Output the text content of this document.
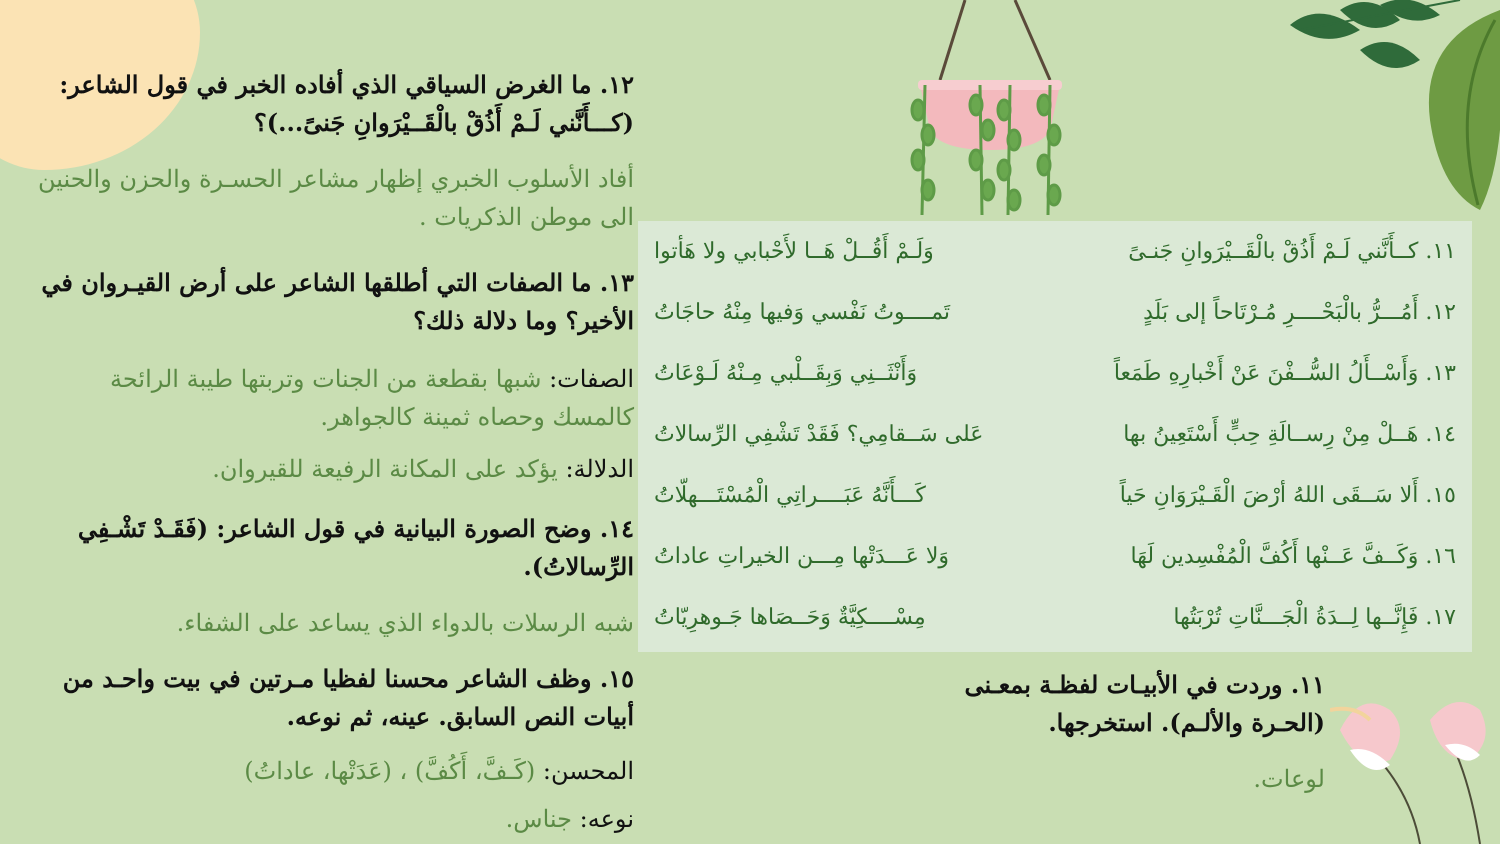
١٢. ما الغرض السياقي الذي أفاده الخبر في قول الشاعر: (كـــأَنَّني لَـمْ أَذُقْ بالْقَــيْرَوانِ جَنىً...)؟

أفاد الأسلوب الخبري إظهار مشاعر الحسـرة والحزن والحنين الى موطن الذكريات .

١٣. ما الصفات التي أطلقها الشاعر على أرض القيـروان في الأخير؟ وما دلالة ذلك؟

الصفات: شبها بقطعة من الجنات وتربتها طيبة الرائحة كالمسك وحصاه ثمينة كالجواهر.

الدلالة: يؤكد على المكانة الرفيعة للقيروان.

١٤. وضح الصورة البيانية في قول الشاعر: (فَقَـدْ تَشْـفِي الرِّسالاتُ).

شبه الرسلات بالدواء الذي يساعد على الشفاء.

١٥. وظف الشاعر محسنا لفظيا مـرتين في بيت واحـد من أبيات النص السابق. عينه، ثم نوعه.

المحسن: (كَـفَّ، أَكُفَّ) ، (عَدَتْها، عاداتُ)

نوعه: جناس.

١١. كــأَنَّني لَـمْ أَذُقْ بالْقَــيْرَوانِ جَنـىً
وَلَـمْ أَقُــلْ هَــا لأَحْبابي ولا هَأتوا
١٢. أَمُـــرُّ بالْبَحْــــرِ مُـرْتَاحاً إلى بَلَدٍ
تَمــــوتُ نَفْسي وَفيها مِنْهُ حاجَاتُ
١٣. وَأَسْــأَلُ السُّــفْنَ عَنْ أَخْبارِهِ طَمَعاً
وَأَنْثَــنِي وَبِقَــلْبي مِـنْهُ لَـوْعَاتُ
١٤. هَــلْ مِنْ رِســالَةِ حِبٍّ أَسْتَعِينُ بها
عَلى سَــقامِي؟ فَقَدْ تَشْفِي الرِّسالاتُ
١٥. أَلا سَــقَى اللهُ أرْضَ الْقَـيْرَوَانِ حَياً
كَـــأَنَّهُ عَبَــــراتِي الْمُسْتَـــهلّاتُ
١٦. وَكَــفَّ عَــنْها أَكُفَّ الْمُفْسِدين لَهَا
وَلا عَـــدَتْها مِـــن الخيراتِ عاداتُ
١٧. فَإِنَّــها لِــدَةُ الْجَـــنَّاتِ تُرْبَتُها
مِسْــــكِيَّةٌ وَحَــصَاها جَـوهرِيّاتُ

١١. وردت في الأبيـات لفظـة بمعـنى (الحـرة والألـم). استخرجها.

لوعات.
